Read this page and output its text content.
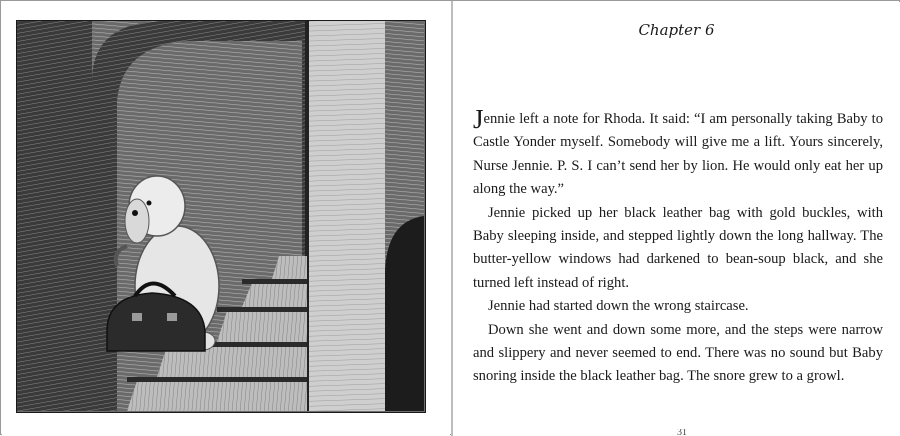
Chapter 6

Jennie left a note for Rhoda. It said: “I am personally taking Baby to Castle Yonder myself. Somebody will give me a lift. Yours sincerely, Nurse Jennie. P. S. I can’t send her by lion. He would only eat her up along the way.”

Jennie picked up her black leather bag with gold buckles, with Baby sleeping inside, and stepped lightly down the long hallway. The butter-yellow windows had darkened to bean-soup black, and she turned left instead of right.

Jennie had started down the wrong staircase.

Down she went and down some more, and the steps were narrow and slippery and never seemed to end. There was no sound but Baby snoring inside the black leather bag. The snore grew to a growl.

31
